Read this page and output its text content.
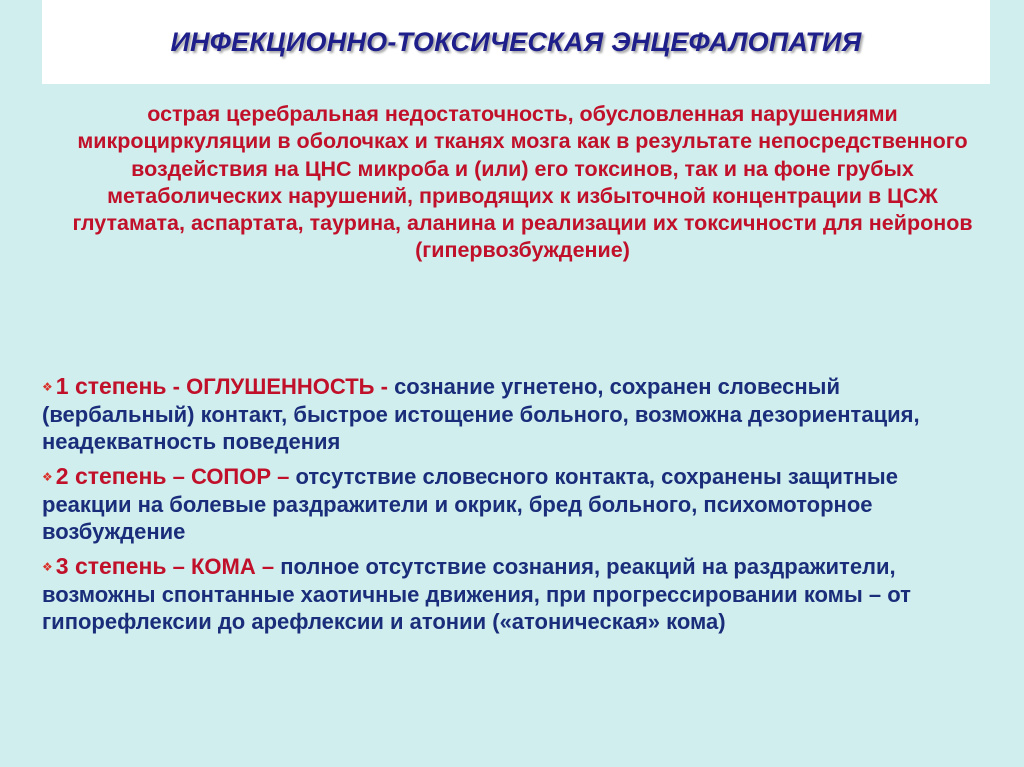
ИНФЕКЦИОННО-ТОКСИЧЕСКАЯ ЭНЦЕФАЛОПАТИЯ

острая церебральная недостаточность, обусловленная нарушениями микроциркуляции в оболочках и тканях мозга как в результате непосредственного воздействия на ЦНС микроба и (или) его токсинов, так и на фоне грубых метаболических нарушений, приводящих к избыточной концентрации в ЦСЖ глутамата, аспартата, таурина, аланина и реализации их токсичности для нейронов (гипервозбуждение)

❖ 1 степень - ОГЛУШЕННОСТЬ - сознание угнетено, сохранен словесный (вербальный) контакт, быстрое истощение больного, возможна дезориентация, неадекватность поведения
❖ 2 степень – СОПОР – отсутствие словесного контакта, сохранены защитные реакции на болевые раздражители и окрик, бред больного, психомоторное возбуждение
❖ 3 степень – КОМА – полное отсутствие сознания, реакций на раздражители, возможны спонтанные хаотичные движения, при прогрессировании комы – от гипорефлексии до арефлексии и атонии («атоническая» кома)
